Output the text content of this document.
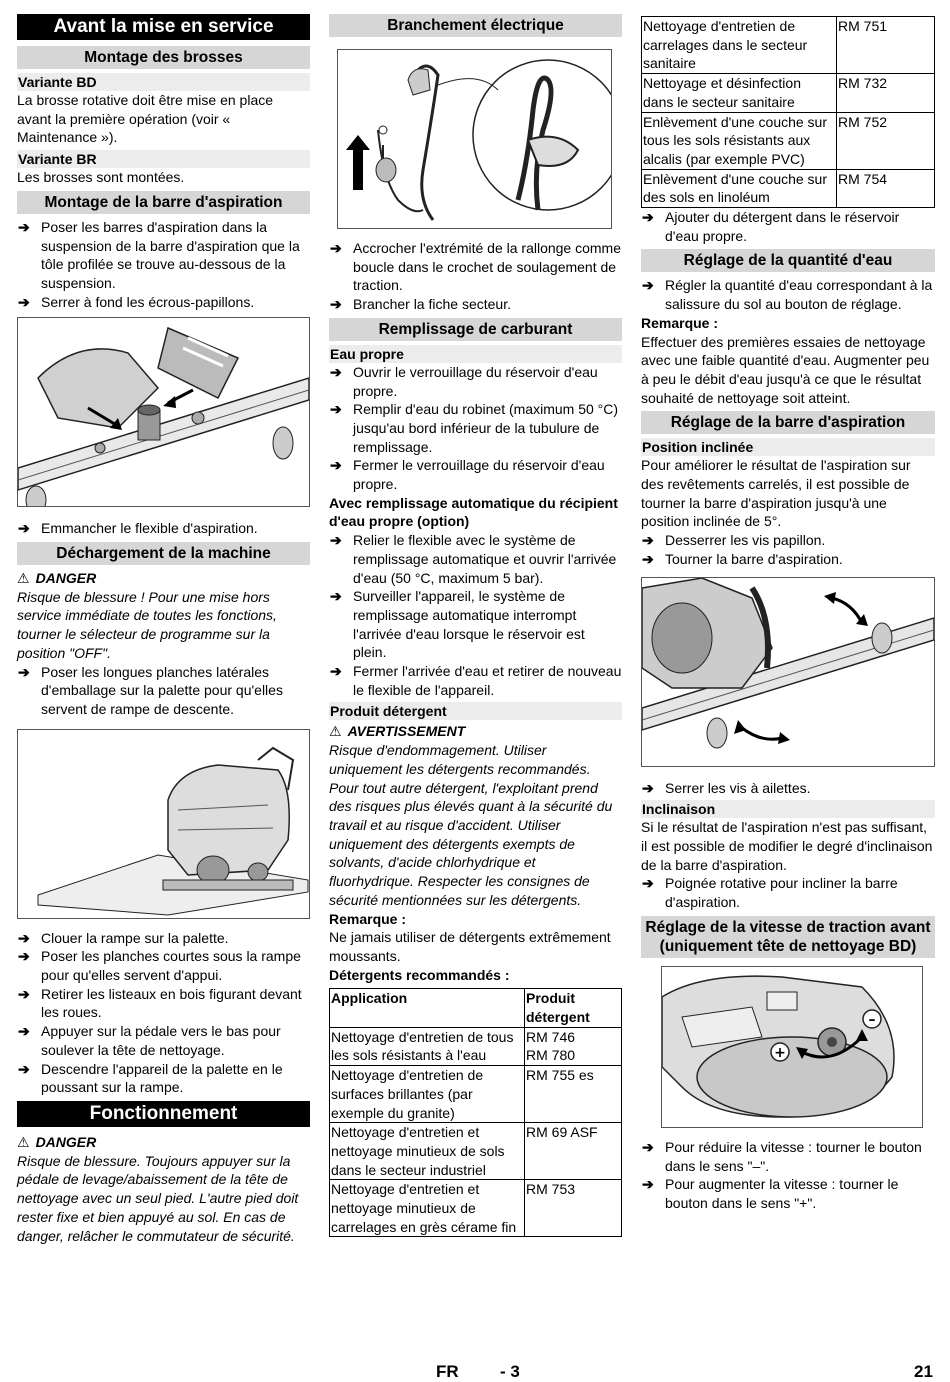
Avant la mise en service
Montage des brosses
Variante BD

La brosse rotative doit être mise en place avant la première opération (voir « Maintenance »).

Variante BR

Les brosses sont montées.

Montage de la barre d'aspiration
➔ Poser les barres d'aspiration dans la suspension de la barre d'aspiration que la tôle profilée se trouve au-dessous de la suspension.
➔ Serrer à fond les écrous-papillons.
➔ Emmancher le flexible d'aspiration.
Déchargement de la machine
⚠ DANGER

Risque de blessure ! Pour une mise hors service immédiate de toutes les fonctions, tourner le sélecteur de programme sur la position "OFF".

➔ Poser les longues planches latérales d'emballage sur la palette pour qu'elles servent de rampe de descente.
➔ Clouer la rampe sur la palette.
➔ Poser les planches courtes sous la rampe pour qu'elles servent d'appui.
➔ Retirer les listeaux en bois figurant devant les roues.
➔ Appuyer sur la pédale vers le bas pour soulever la tête de nettoyage.
➔ Descendre l'appareil de la palette en le poussant sur la rampe.
Fonctionnement
⚠ DANGER

Risque de blessure. Toujours appuyer sur la pédale de levage/abaissement de la tête de nettoyage avec un seul pied. L'autre pied doit rester fixe et bien appuyé au sol. En cas de danger, relâcher le commutateur de sécurité.

Branchement électrique
➔ Accrocher l'extrémité de la rallonge comme boucle dans le crochet de soulagement de traction.
➔ Brancher la fiche secteur.
Remplissage de carburant
Eau propre
➔ Ouvrir le verrouillage du réservoir d'eau propre.
➔ Remplir d'eau du robinet (maximum 50 °C) jusqu'au bord inférieur de la tubulure de remplissage.
➔ Fermer le verrouillage du réservoir d'eau propre.

Avec remplissage automatique du récipient d'eau propre (option)

➔ Relier le flexible avec le système de remplissage automatique et ouvrir l'arrivée d'eau (50 °C, maximum 5 bar).
➔ Surveiller l'appareil, le système de remplissage automatique interrompt l'arrivée d'eau lorsque le réservoir est plein.
➔ Fermer l'arrivée d'eau et retirer de nouveau le flexible de l'appareil.
Produit détergent
⚠ AVERTISSEMENT

Risque d'endommagement. Utiliser uniquement les détergents recommandés. Pour tout autre détergent, l'exploitant prend des risques plus élevés quant à la sécurité du travail et au risque d'accident. Utiliser uniquement des détergents exempts de solvants, d'acide chlorhydrique et fluorhydrique. Respecter les consignes de sécurité mentionnées sur les détergents.

Remarque :

Ne jamais utiliser de détergents extrêmement moussants.

Détergents recommandés :

Application	Produit détergent
Nettoyage d'entretien de tous les sols résistants à l'eau	RM 746
RM 780
Nettoyage d'entretien de surfaces brillantes (par exemple du granite)	RM 755 es
Nettoyage d'entretien et nettoyage minutieux de sols dans le secteur industriel	RM 69 ASF
Nettoyage d'entretien et nettoyage minutieux de carrelages en grès cérame fin	RM 753
Nettoyage d'entretien de carrelages dans le secteur sanitaire	RM 751
Nettoyage et désinfection dans le secteur sanitaire	RM 732
Enlèvement d'une couche sur tous les sols résistants aux alcalis (par exemple PVC)	RM 752
Enlèvement d'une couche sur des sols en linoléum	RM 754
➔ Ajouter du détergent dans le réservoir d'eau propre.
Réglage de la quantité d'eau
➔ Régler la quantité d'eau correspondant à la salissure du sol au bouton de réglage.

Remarque :

Effectuer des premières essaies de nettoyage avec une faible quantité d'eau. Augmenter peu à peu le débit d'eau jusqu'à ce que le résultat souhaité de nettoyage soit atteint.

Réglage de la barre d'aspiration
Position inclinée

Pour améliorer le résultat de l'aspiration sur des revêtements carrelés, il est possible de tourner la barre d'aspiration jusqu'à une position inclinée de 5°.

➔ Desserrer les vis papillon.
➔ Tourner la barre d'aspiration.
➔ Serrer les vis à ailettes.
Inclinaison

Si le résultat de l'aspiration n'est pas suffisant, il est possible de modifier le degré d'inclinaison de la barre d'aspiration.

➔ Poignée rotative pour incliner la barre d'aspiration.
Réglage de la vitesse de traction avant (uniquement tête de nettoyage BD)
+
–
➔ Pour réduire la vitesse : tourner le bouton dans le sens "–".
➔ Pour augmenter la vitesse : tourner le bouton dans le sens "+".
FR - 3	21
